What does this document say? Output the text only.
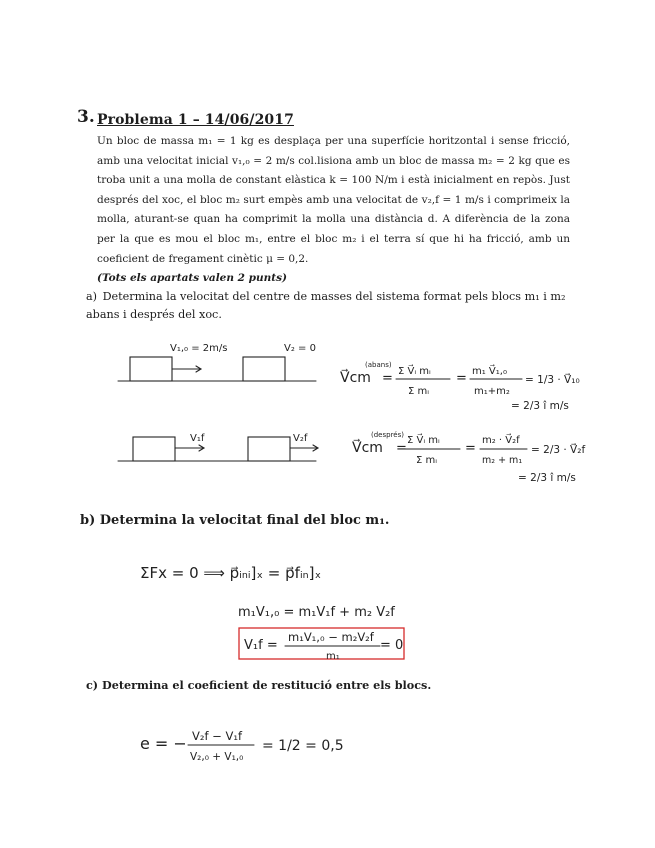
3. Problema 1 – 14/06/2017

Un bloc de massa m₁ = 1 kg es desplaça per una superfície horitzontal i sense fricció, amb una velocitat inicial v₁,₀ = 2 m/s col.lisiona amb un bloc de massa m₂ = 2 kg que es troba unit a una molla de constant elàstica k = 100 N/m i està inicialment en repòs. Just després del xoc, el bloc m₂ surt empès amb una velocitat de v₂,f = 1 m/s i comprimeix la molla, aturant-se quan ha comprimit la molla una distància d. A diferència de la zona per la que es mou el bloc m₁, entre el bloc m₂ i el terra sí que hi ha fricció, amb un coeficient de fregament cinètic μ = 0,2.

(Tots els apartats valen 2 punts)

a) Determina la velocitat del centre de masses del sistema format pels blocs m₁ i m₂ abans i després del xoc.
V₁,₀ = 2m/s	V₂ = 0
V₁f	V₂f
V⃗cm
(abans)
= Σ V⃗ᵢ mᵢ
Σ mᵢ
= m₁ V⃗₁,₀
m₁+m₂
= 1/3 · V⃗₁₀
= 2/3 î m/s
V⃗cm
(després)
=
Σ V⃗ᵢ mᵢ
Σ mᵢ
=
m₂ · V⃗₂f
m₂ + m₁
= 2/3 · V⃗₂f
= 2/3 î m/s
ΣFx = 0 ⟹ p⃗ᵢₙᵢ]ₓ = p⃗fᵢₙ]ₓ
m₁V₁,₀ = m₁V₁f + m₂ V₂f
V₁f =
m₁V₁,₀ − m₂V₂f
m₁
= 0
e = − V₂f − V₁f
V₂,₀ + V₁,₀
= 1/2 = 0,5
b) Determina la velocitat final del bloc m₁.
c) Determina el coeficient de restitució entre els blocs.
